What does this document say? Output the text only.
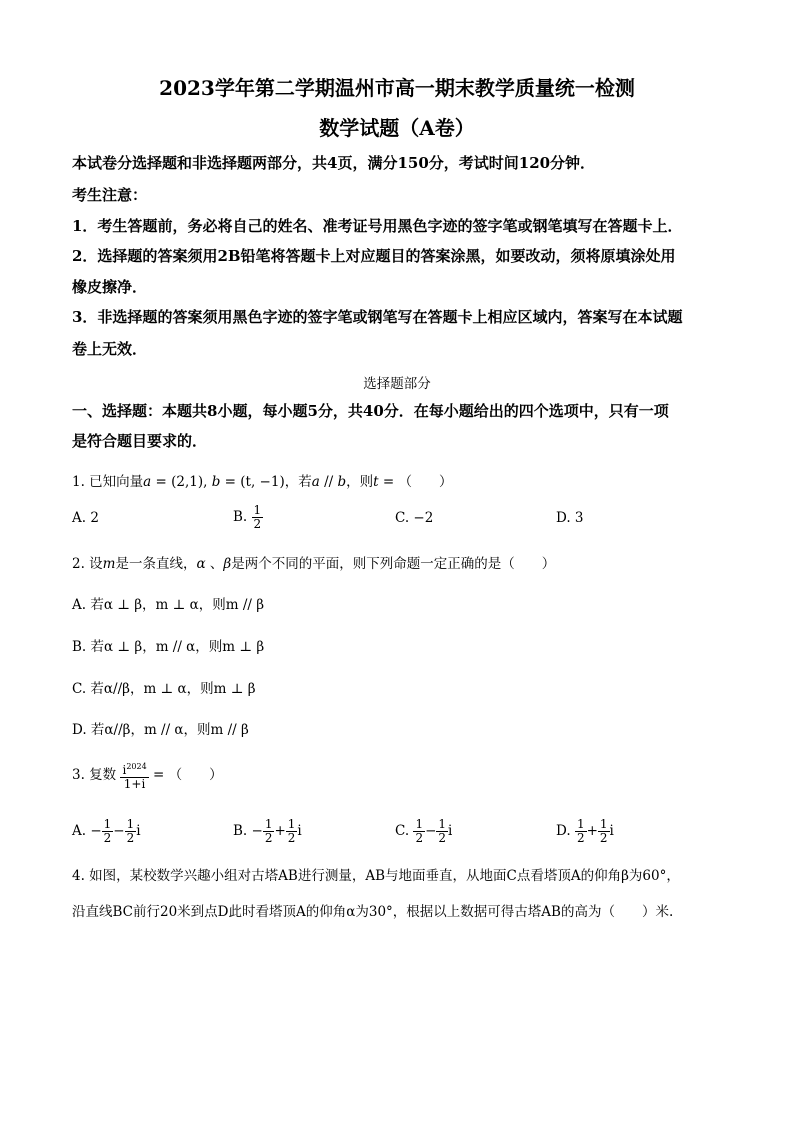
2023学年第二学期温州市高一期末教学质量统一检测
数学试题（A卷）
本试卷分选择题和非选择题两部分，共4页，满分150分，考试时间120分钟．
考生注意：
1．考生答题前，务必将自己的姓名、准考证号用黑色字迹的签字笔或钢笔填写在答题卡上．
2．选择题的答案须用2B铅笔将答题卡上对应题目的答案涂黑，如要改动，须将原填涂处用
橡皮擦净．
3．非选择题的答案须用黑色字迹的签字笔或钢笔写在答题卡上相应区域内，答案写在本试题
卷上无效．
选择题部分
一、选择题：本题共8小题，每小题5分，共40分．在每小题给出的四个选项中，只有一项
是符合题目要求的．
1. 已知向量a = (2,1), b = (t, −1)，若a // b，则t = （　　）
A. 2	B. $\frac{1}{2}$	C. −2	D. 3
2. 设m是一条直线，α 、β是两个不同的平面，则下列命题一定正确的是（　　）
A. 若α ⊥ β，m ⊥ α，则m // β
B. 若α ⊥ β，m // α，则m ⊥ β
C. 若α//β，m ⊥ α，则m ⊥ β
D. 若α//β，m // α，则m // β
3. 复数 $\frac{i^{2024}}{1+i}$ = （　　）
A. − $\frac{1}{2} - \frac{1}{2}$ i	B. − $\frac{1}{2} + \frac{1}{2}$ i	C. $\frac{1}{2} - \frac{1}{2}$ i	D. $\frac{1}{2} + \frac{1}{2}$ i
4. 如图，某校数学兴趣小组对古塔AB进行测量，AB与地面垂直，从地面C点看塔顶A的仰角β为60°，
沿直线BC前行20米到点D此时看塔顶A的仰角α为30°，根据以上数据可得古塔AB的高为（　　）米.
